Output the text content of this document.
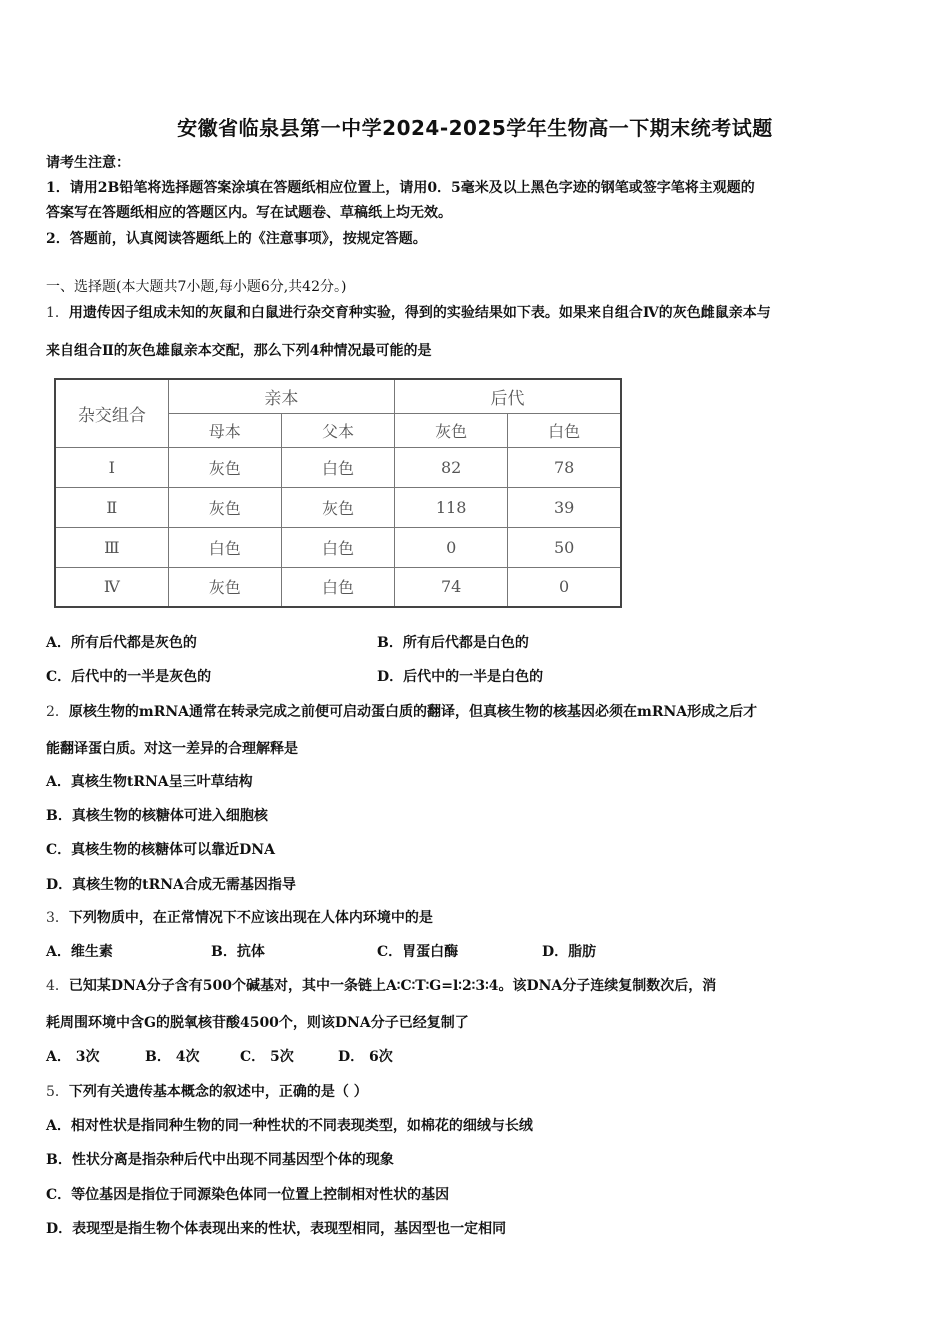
安徽省临泉县第一中学2024-2025学年生物高一下期末统考试题
请考生注意：
1．请用2B铅笔将选择题答案涂填在答题纸相应位置上，请用0．5毫米及以上黑色字迹的钢笔或签字笔将主观题的
答案写在答题纸相应的答题区内。写在试题卷、草稿纸上均无效。
2．答题前，认真阅读答题纸上的《注意事项》，按规定答题。
一、选择题(本大题共7小题,每小题6分,共42分。)
1．用遗传因子组成未知的灰鼠和白鼠进行杂交育种实验，得到的实验结果如下表。如果来自组合Ⅳ的灰色雌鼠亲本与
来自组合Ⅱ的灰色雄鼠亲本交配，那么下列4种情况最可能的是
杂交组合	亲本		后代	
	母本	父本	灰色	白色
Ⅰ	灰色	白色	82	78
Ⅱ	灰色	灰色	118	39
Ⅲ	白色	白色	0	50
Ⅳ	灰色	白色	74	0
A．所有后代都是灰色的	B．所有后代都是白色的
C．后代中的一半是灰色的	D．后代中的一半是白色的
2．原核生物的mRNA通常在转录完成之前便可启动蛋白质的翻译，但真核生物的核基因必须在mRNA形成之后才
能翻译蛋白质。对这一差异的合理解释是
A．真核生物tRNA呈三叶草结构
B．真核生物的核糖体可进入细胞核
C．真核生物的核糖体可以靠近DNA
D．真核生物的tRNA合成无需基因指导
3．下列物质中，在正常情况下不应该出现在人体内环境中的是
A．维生素	B．抗体	C．胃蛋白酶	D．脂肪
4．已知某DNA分子含有500个碱基对，其中一条链上A∶C∶T∶G=l∶2∶3∶4。该DNA分子连续复制数次后，消
耗周围环境中含G的脱氧核苷酸4500个，则该DNA分子已经复制了
A． 3次	B． 4次	C． 5次	D． 6次
5．下列有关遗传基本概念的叙述中，正确的是（ ）
A．相对性状是指同种生物的同一种性状的不同表现类型，如棉花的细绒与长绒
B．性状分离是指杂种后代中出现不同基因型个体的现象
C．等位基因是指位于同源染色体同一位置上控制相对性状的基因
D．表现型是指生物个体表现出来的性状，表现型相同，基因型也一定相同
